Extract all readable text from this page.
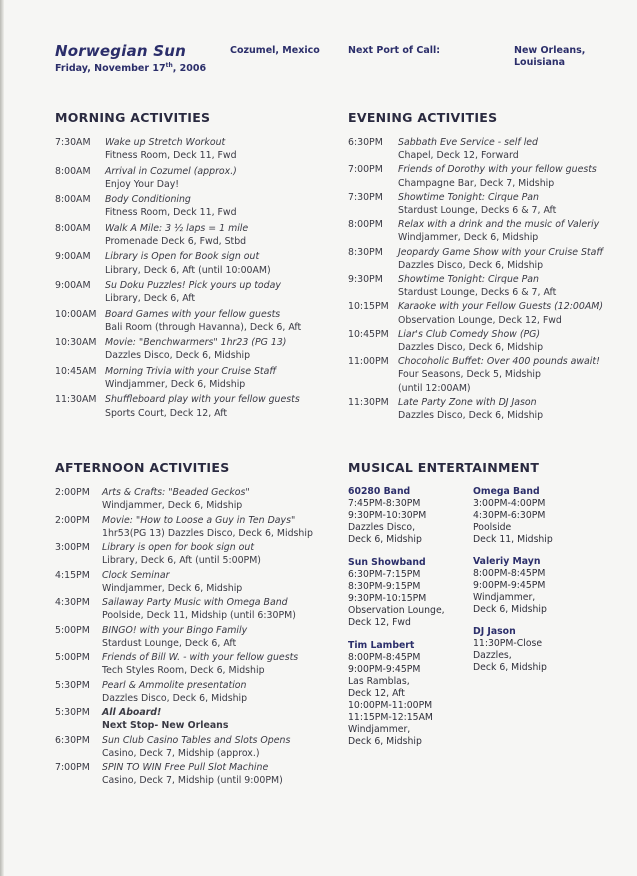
Norwegian Sun
Friday, November 17th, 2006
Cozumel, Mexico	Next Port of Call:	New Orleans,
Louisiana
MORNING ACTIVITIES
7:30AM Wake up Stretch Workout
Fitness Room, Deck 11, Fwd
8:00AM Arrival in Cozumel (approx.)
Enjoy Your Day!
8:00AM Body Conditioning
Fitness Room, Deck 11, Fwd
8:00AM Walk A Mile: 3 ½ laps = 1 mile
Promenade Deck 6, Fwd, Stbd
9:00AM Library is Open for Book sign out
Library, Deck 6, Aft (until 10:00AM)
9:00AM Su Doku Puzzles! Pick yours up today
Library, Deck 6, Aft
10:00AM Board Games with your fellow guests
Bali Room (through Havanna), Deck 6, Aft
10:30AM Movie: "Benchwarmers" 1hr23 (PG 13)
Dazzles Disco, Deck 6, Midship
10:45AM Morning Trivia with your Cruise Staff
Windjammer, Deck 6, Midship
11:30AM Shuffleboard play with your fellow guests
Sports Court, Deck 12, Aft
EVENING ACTIVITIES
6:30PM Sabbath Eve Service - self led
Chapel, Deck 12, Forward
7:00PM Friends of Dorothy with your fellow guests
Champagne Bar, Deck 7, Midship
7:30PM Showtime Tonight: Cirque Pan
Stardust Lounge, Decks 6 & 7, Aft
8:00PM Relax with a drink and the music of Valeriy
Windjammer, Deck 6, Midship
8:30PM Jeopardy Game Show with your Cruise Staff
Dazzles Disco, Deck 6, Midship
9:30PM Showtime Tonight: Cirque Pan
Stardust Lounge, Decks 6 & 7, Aft
10:15PM Karaoke with your Fellow Guests (12:00AM)
Observation Lounge, Deck 12, Fwd
10:45PM Liar's Club Comedy Show (PG)
Dazzles Disco, Deck 6, Midship
11:00PM Chocoholic Buffet: Over 400 pounds await!
Four Seasons, Deck 5, Midship
(until 12:00AM)
11:30PM Late Party Zone with DJ Jason
Dazzles Disco, Deck 6, Midship
AFTERNOON ACTIVITIES
2:00PM Arts & Crafts: "Beaded Geckos"
Windjammer, Deck 6, Midship
2:00PM Movie: "How to Loose a Guy in Ten Days"
1hr53(PG 13) Dazzles Disco, Deck 6, Midship
3:00PM Library is open for book sign out
Library, Deck 6, Aft (until 5:00PM)
4:15PM Clock Seminar
Windjammer, Deck 6, Midship
4:30PM Sailaway Party Music with Omega Band
Poolside, Deck 11, Midship (until 6:30PM)
5:00PM BINGO! with your Bingo Family
Stardust Lounge, Deck 6, Aft
5:00PM Friends of Bill W. - with your fellow guests
Tech Styles Room, Deck 6, Midship
5:30PM Pearl & Ammolite presentation
Dazzles Disco, Deck 6, Midship
5:30PM All Aboard!
Next Stop- New Orleans
6:30PM Sun Club Casino Tables and Slots Opens
Casino, Deck 7, Midship (approx.)
7:00PM SPIN TO WIN Free Pull Slot Machine
Casino, Deck 7, Midship (until 9:00PM)
MUSICAL ENTERTAINMENT
60280 Band
7:45PM-8:30PM
9:30PM-10:30PM
Dazzles Disco,
Deck 6, Midship
Sun Showband
6:30PM-7:15PM
8:30PM-9:15PM
9:30PM-10:15PM
Observation Lounge,
Deck 12, Fwd
Tim Lambert
8:00PM-8:45PM
9:00PM-9:45PM
Las Ramblas,
Deck 12, Aft
10:00PM-11:00PM
11:15PM-12:15AM
Windjammer,
Deck 6, Midship
Omega Band
3:00PM-4:00PM
4:30PM-6:30PM
Poolside
Deck 11, Midship
Valeriy Mayn
8:00PM-8:45PM
9:00PM-9:45PM
Windjammer,
Deck 6, Midship
DJ Jason
11:30PM-Close
Dazzles,
Deck 6, Midship
